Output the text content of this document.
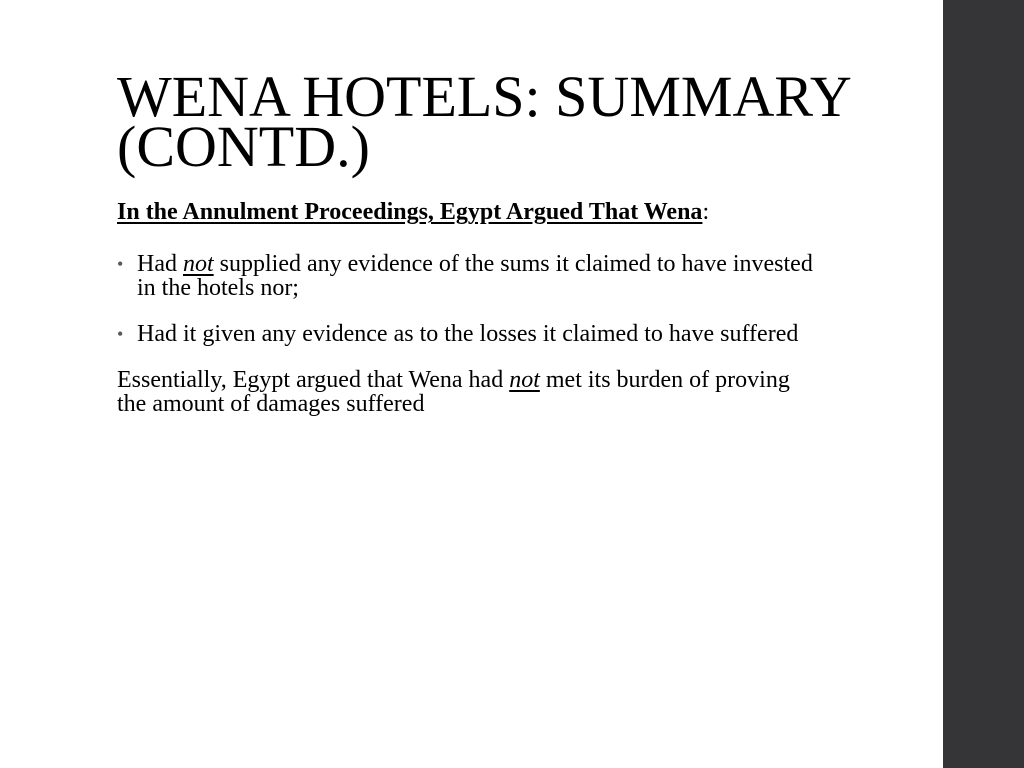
WENA HOTELS: SUMMARY
(CONTD.)

In the Annulment Proceedings, Egypt Argued That Wena:

• Had not supplied any evidence of the sums it claimed to have invested in the hotels nor;
• Had it given any evidence as to the losses it claimed to have suffered

Essentially, Egypt argued that Wena had not met its burden of proving the amount of damages suffered
